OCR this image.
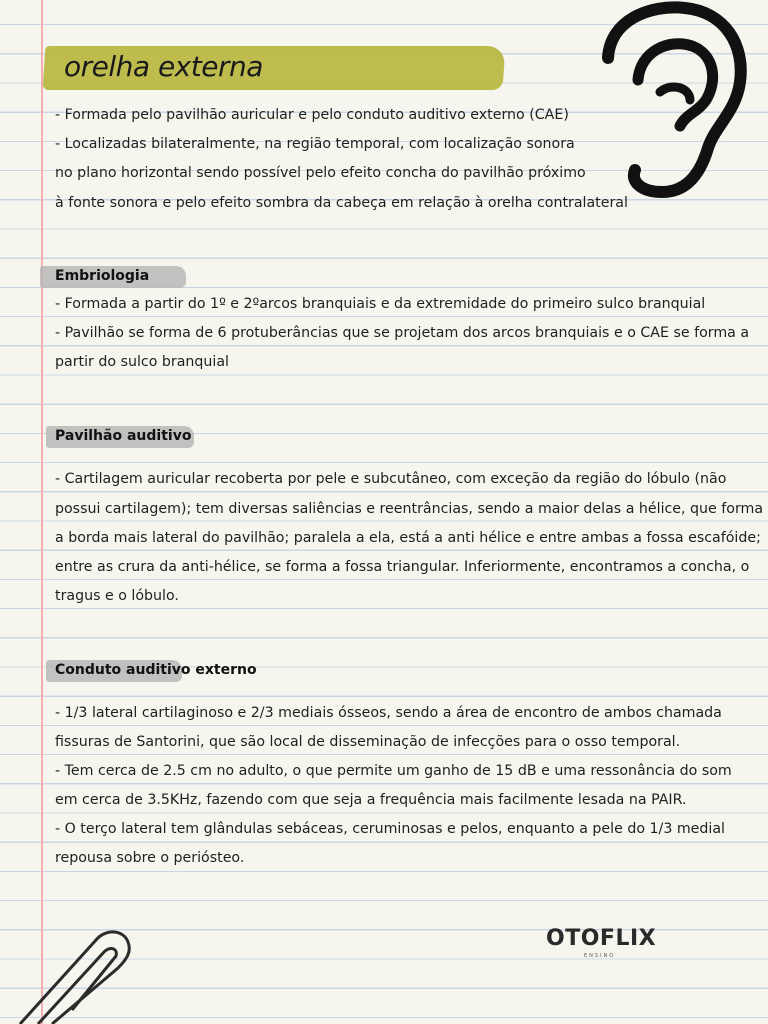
orelha externa
- Formada pelo pavilhão auricular e pelo conduto auditivo externo (CAE)
- Localizadas bilateralmente, na região temporal, com localização sonora
no plano horizontal sendo possível pelo efeito concha do pavilhão próximo
à fonte sonora e pelo efeito sombra da cabeça em relação à orelha contralateral
Embriologia
- Formada a partir do 1º e 2ºarcos branquiais e da extremidade do primeiro sulco branquial
- Pavilhão se forma de 6 protuberâncias que se projetam dos arcos branquiais e o CAE se forma a
partir do sulco branquial
Pavilhão auditivo
- Cartilagem auricular recoberta por pele e subcutâneo, com exceção da região do lóbulo (não
possui cartilagem); tem diversas saliências e reentrâncias, sendo a maior delas a hélice, que forma
a borda mais lateral do pavilhão; paralela a ela, está a anti hélice e entre ambas a fossa escafóide;
entre as crura da anti-hélice, se forma a fossa triangular. Inferiormente, encontramos a concha, o
tragus e o lóbulo.
Conduto auditivo externo
- 1/3 lateral cartilaginoso e 2/3 mediais ósseos, sendo a área de encontro de ambos chamada
fissuras de Santorini, que são local de disseminação de infecções para o osso temporal.
- Tem cerca de 2.5 cm no adulto, o que permite um ganho de 15 dB e uma ressonância do som
em cerca de 3.5KHz, fazendo com que seja a frequência mais facilmente lesada na PAIR.
- O terço lateral tem glândulas sebáceas, ceruminosas e pelos, enquanto a pele do 1/3 medial
repousa sobre o periósteo.
OTOFLIX
ENSINO
